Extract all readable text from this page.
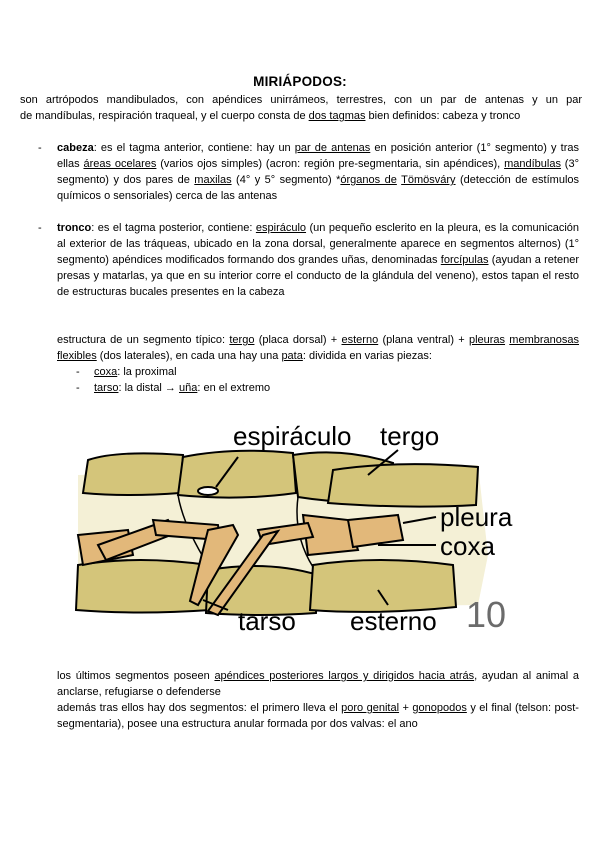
MIRIÁPODOS:

son artrópodos mandibulados, con apéndices unirrámeos, terrestres, con un par de antenas y un par
de mandíbulas, respiración traqueal, y el cuerpo consta de dos tagmas bien definidos: cabeza y tronco

- cabeza: es el tagma anterior, contiene: hay un par de antenas en posición anterior (1° segmento) y tras ellas áreas ocelares (varios ojos simples) (acron: región pre-segmentaria, sin apéndices), mandíbulas (3° segmento) y dos pares de maxilas (4° y 5° segmento) *órganos de Tömösváry (detección de estímulos químicos o sensoriales) cerca de las antenas

- tronco: es el tagma posterior, contiene: espiráculo (un pequeño esclerito en la pleura, es la comunicación al exterior de las tráqueas, ubicado en la zona dorsal, generalmente aparece en segmentos alternos) (1° segmento) apéndices modificados formando dos grandes uñas, denominadas forcípulas (ayudan a retener presas y matarlas, ya que en su interior corre el conducto de la glándula del veneno), estos tapan el resto de estructuras bucales presentes en la cabeza

estructura de un segmento típico: tergo (placa dorsal) + esterno (plana ventral) + pleuras membranosas flexibles (dos laterales), en cada una hay una pata: dividida en varias piezas:

- coxa: la proximal

- tarso: la distal → uña: en el extremo

espiráculo tergo
pleura
coxa
tarso esterno 10

los últimos segmentos poseen apéndices posteriores largos y dirigidos hacia atrás, ayudan al animal a anclarse, refugiarse o defenderse

además tras ellos hay dos segmentos: el primero lleva el poro genital + gonopodos y el final (telson: post-segmentaria), posee una estructura anular formada por dos valvas: el ano
